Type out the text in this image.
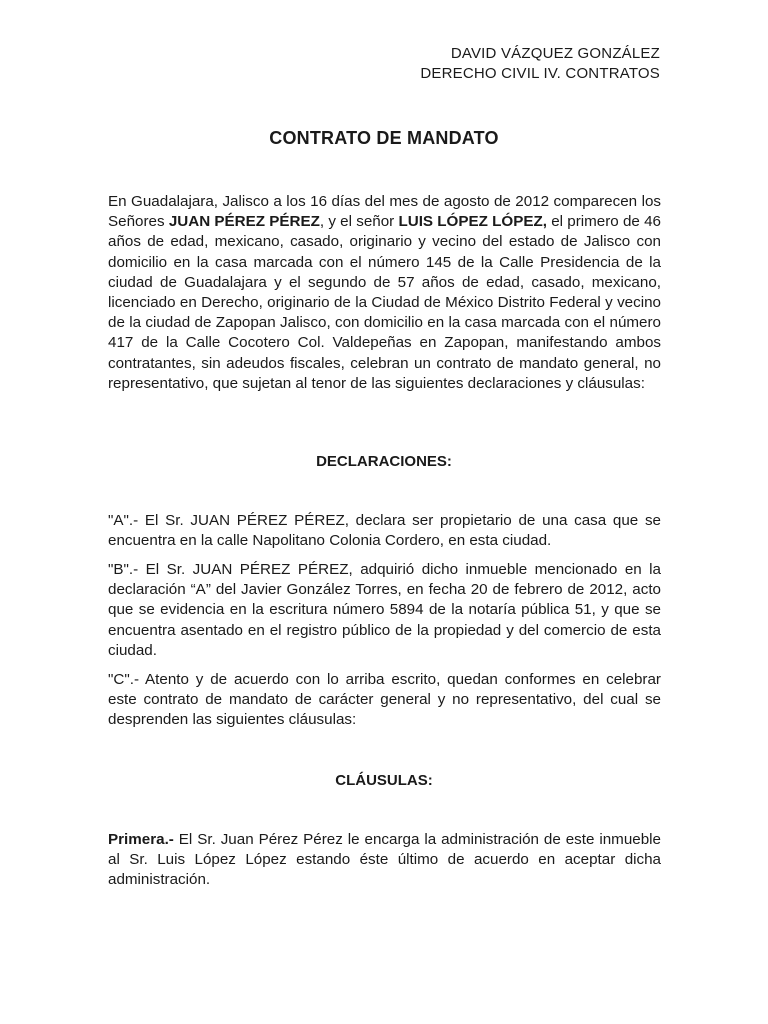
DAVID VÁZQUEZ GONZÁLEZ
DERECHO CIVIL IV. CONTRATOS
CONTRATO DE MANDATO
En Guadalajara, Jalisco a los 16 días del mes de agosto de 2012 comparecen los Señores JUAN PÉREZ PÉREZ, y el señor LUIS LÓPEZ LÓPEZ, el primero de 46 años de edad, mexicano, casado, originario y vecino del estado de Jalisco con domicilio en la casa marcada con el número 145 de la Calle Presidencia de la ciudad de Guadalajara y el segundo de 57 años de edad, casado, mexicano, licenciado en Derecho, originario de la Ciudad de México Distrito Federal y vecino de la ciudad de Zapopan Jalisco, con domicilio en la casa marcada con el número 417 de la Calle Cocotero Col. Valdepeñas en Zapopan, manifestando ambos contratantes, sin adeudos fiscales, celebran un contrato de mandato general, no representativo, que sujetan al tenor de las siguientes declaraciones y cláusulas:
DECLARACIONES:
"A".- El Sr. JUAN PÉREZ PÉREZ, declara ser propietario de una casa que se encuentra en la calle Napolitano Colonia Cordero, en esta ciudad.
"B".- El Sr. JUAN PÉREZ PÉREZ, adquirió dicho inmueble mencionado en la declaración “A” del Javier González Torres, en fecha 20 de febrero de 2012, acto que se evidencia en la escritura número 5894 de la notaría pública 51, y que se encuentra asentado en el registro público de la propiedad y del comercio de esta ciudad.
"C".- Atento y de acuerdo con lo arriba escrito, quedan conformes en celebrar este contrato de mandato de carácter general y no representativo, del cual se desprenden las siguientes cláusulas:
CLÁUSULAS:
Primera.- El Sr. Juan Pérez Pérez le encarga la administración de este inmueble al Sr. Luis López López estando éste último de acuerdo en aceptar dicha administración.
